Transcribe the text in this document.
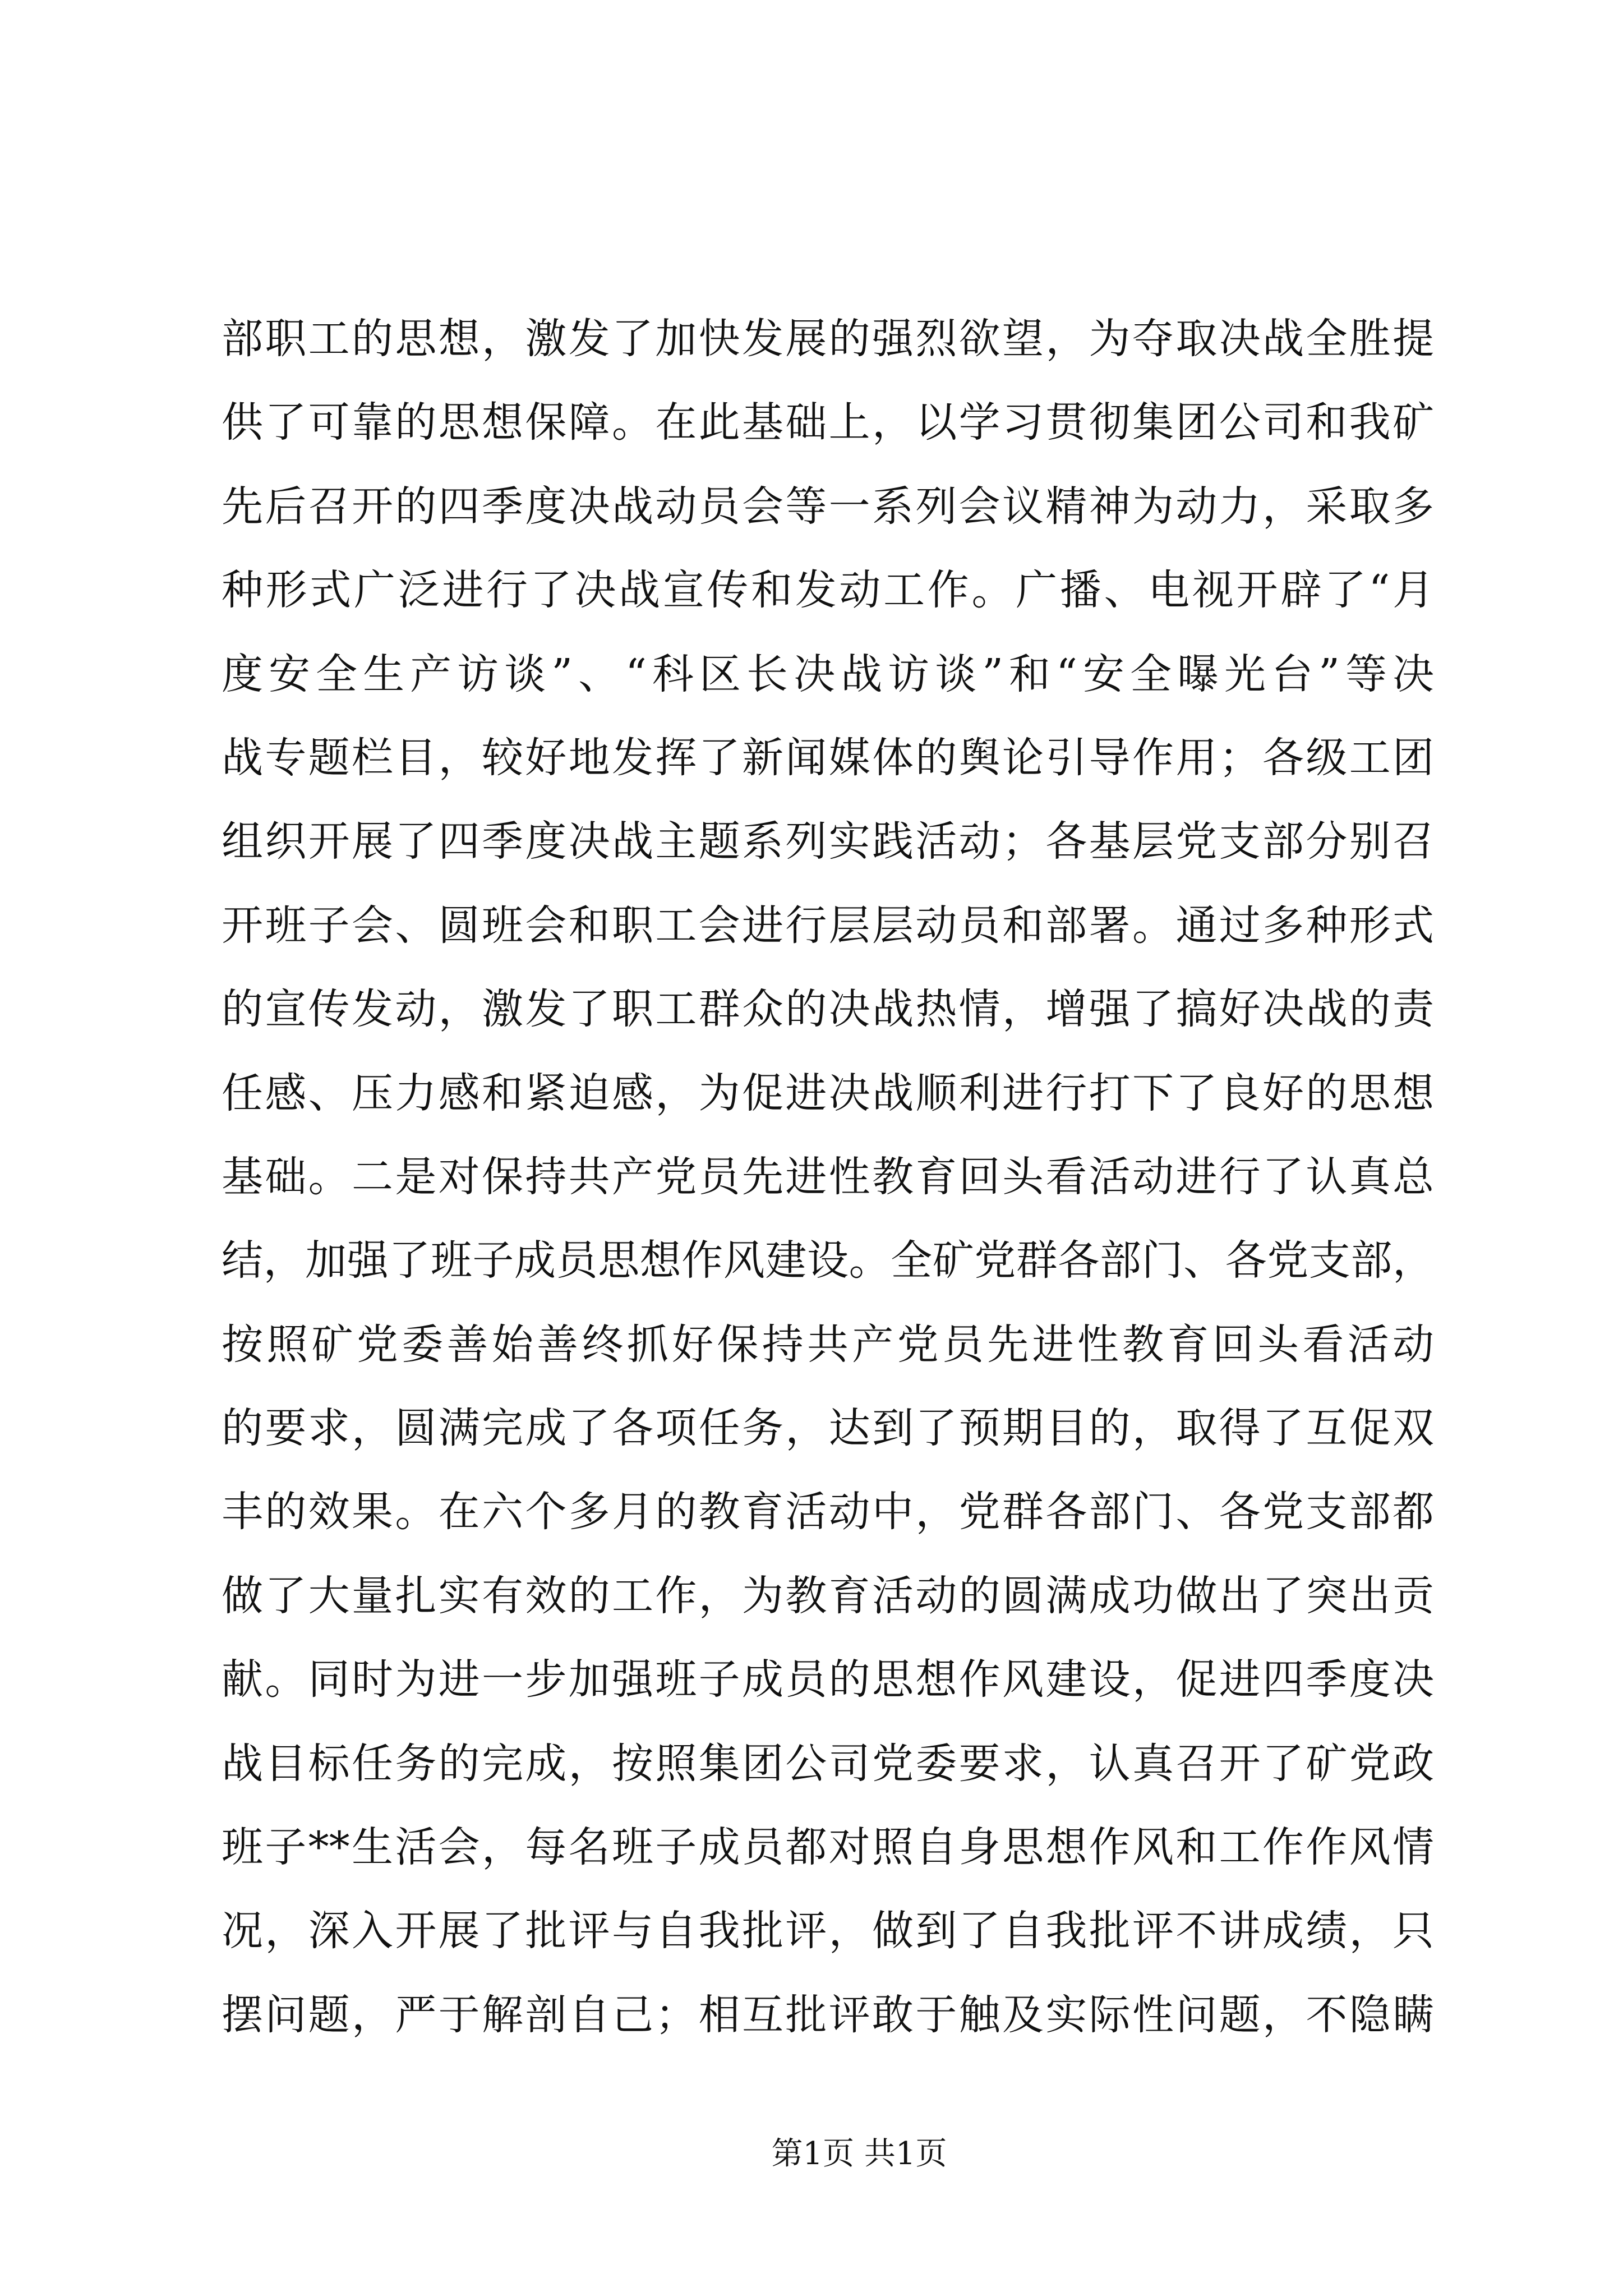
部职工的思想，激发了加快发展的强烈欲望，为夺取决战全胜提
供了可靠的思想保障。在此基础上，以学习贯彻集团公司和我矿
先后召开的四季度决战动员会等一系列会议精神为动力，采取多
种形式广泛进行了决战宣传和发动工作。广播、电视开辟了“月
度安全生产访谈”、“科区长决战访谈”和“安全曝光台”等决
战专题栏目，较好地发挥了新闻媒体的舆论引导作用；各级工团
组织开展了四季度决战主题系列实践活动；各基层党支部分别召
开班子会、圆班会和职工会进行层层动员和部署。通过多种形式
的宣传发动，激发了职工群众的决战热情，增强了搞好决战的责
任感、压力感和紧迫感，为促进决战顺利进行打下了良好的思想
基础。二是对保持共产党员先进性教育回头看活动进行了认真总
结，加强了班子成员思想作风建设。全矿党群各部门、各党支部，
按照矿党委善始善终抓好保持共产党员先进性教育回头看活动
的要求，圆满完成了各项任务，达到了预期目的，取得了互促双
丰的效果。在六个多月的教育活动中，党群各部门、各党支部都
做了大量扎实有效的工作，为教育活动的圆满成功做出了突出贡
献。同时为进一步加强班子成员的思想作风建设，促进四季度决
战目标任务的完成，按照集团公司党委要求，认真召开了矿党政
班子**生活会，每名班子成员都对照自身思想作风和工作作风情
况，深入开展了批评与自我批评，做到了自我批评不讲成绩，只
摆问题，严于解剖自己；相互批评敢于触及实际性问题，不隐瞒
第1页 共1页
